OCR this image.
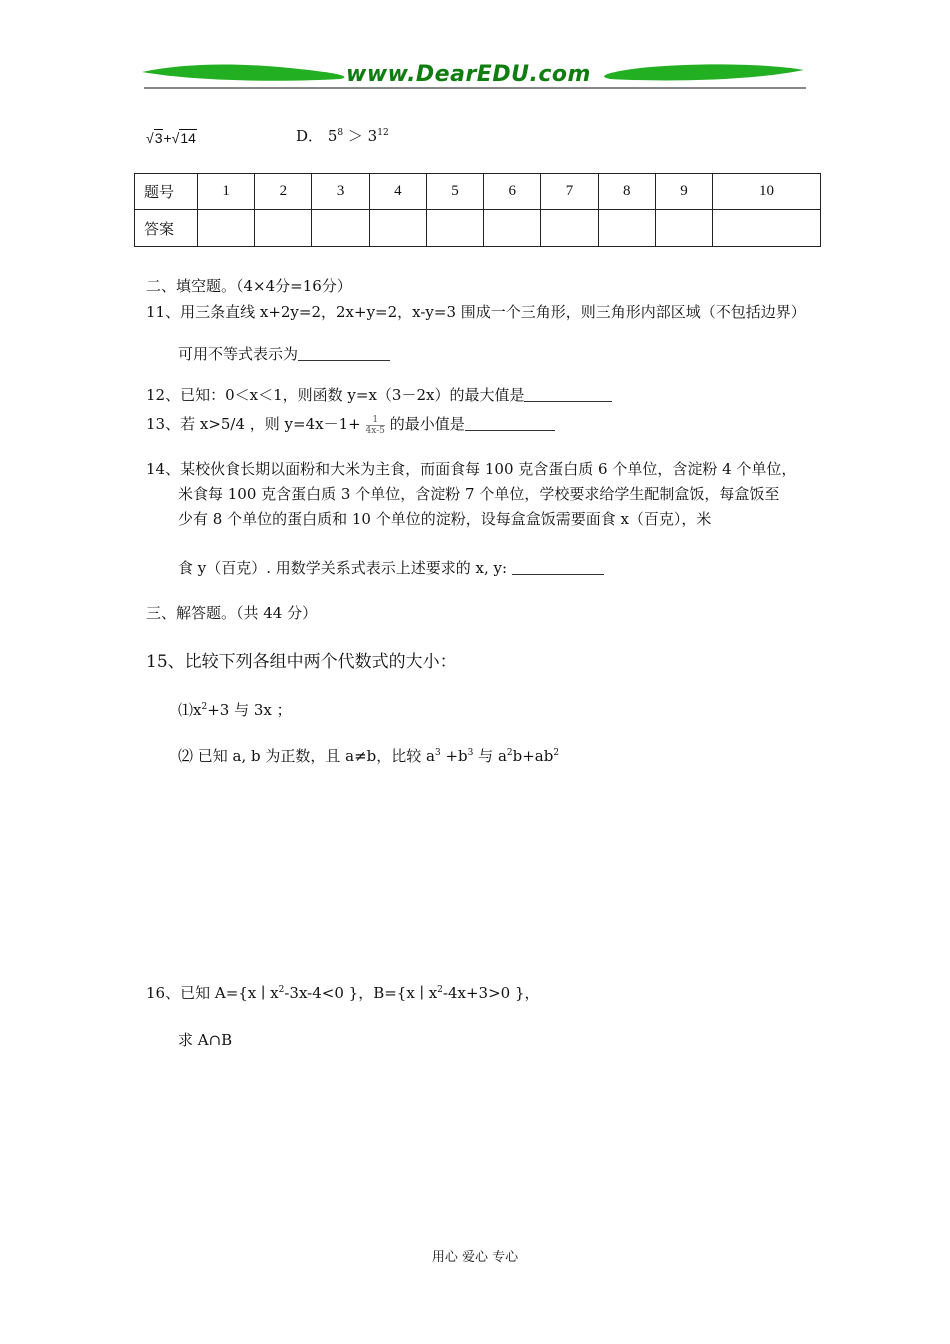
www.DearEDU.com
√3+√14	D． $5^8 > 3^{12}$
题号	1	2	3	4	5	6	7	8	9	10
答案										
二、填空题。（4×4分=16分）
11、用三条直线 x+2y=2，2x+y=2，x-y=3 围成一个三角形，则三角形内部区域（不包括边界）
可用不等式表示为
12、已知：0＜x＜1，则函数 y=x（3－2x）的最大值是
13、若 x>5/4 ，则 $y=4x-1+ \frac{1}{4x-5}$ 的最小值是
14、某校伙食长期以面粉和大米为主食，而面食每 100 克含蛋白质 6 个单位，含淀粉 4 个单位，
米食每 100 克含蛋白质 3 个单位，含淀粉 7 个单位，学校要求给学生配制盒饭，每盒饭至
少有 8 个单位的蛋白质和 10 个单位的淀粉，设每盒盒饭需要面食 x（百克），米
食 y（百克）. 用数学关系式表示上述要求的 x, y:
三、解答题。（共 44 分）
15、比较下列各组中两个代数式的大小：
$⑴x^2+3$ 与 3x ；
⑵ 已知 a, b 为正数，且 a≠b，比较 $a^3 +b^3$ 与 $a^2b+ab^2$
16、已知 A={x ∣ $x^2-3x-4<0$ }，B={x ∣ $x^2-4x+3>0$ }，
求 A∩B
用心 爱心 专心
